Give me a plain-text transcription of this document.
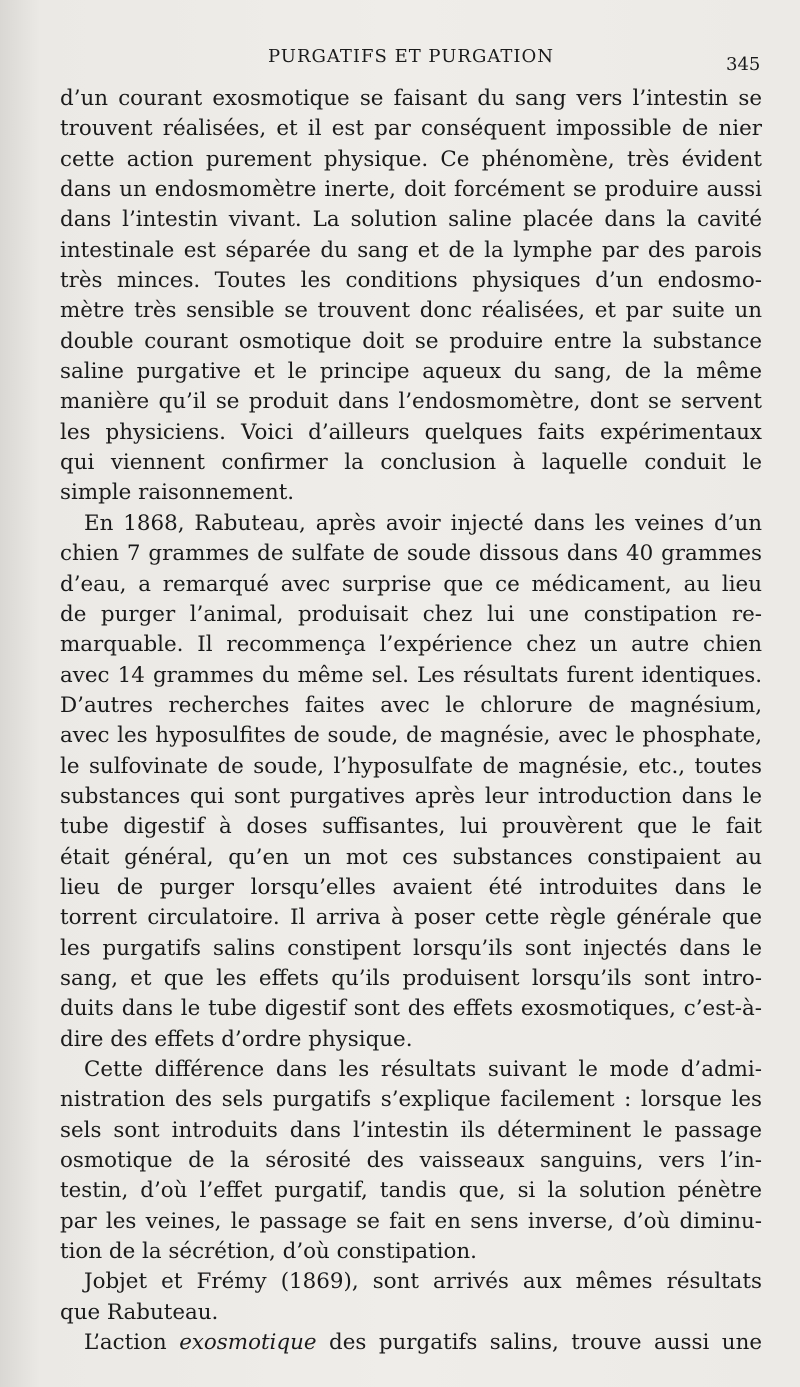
PURGATIFS ET PURGATION	345
d’un courant exosmotique se faisant du sang vers l’intestin se
trouvent réalisées, et il est par conséquent impossible de nier
cette action purement physique. Ce phénomène, très évident
dans un endosmomètre inerte, doit forcément se produire aussi
dans l’intestin vivant. La solution saline placée dans la cavité
intestinale est séparée du sang et de la lymphe par des parois
très minces. Toutes les conditions physiques d’un endosmo-
mètre très sensible se trouvent donc réalisées, et par suite un
double courant osmotique doit se produire entre la substance
saline purgative et le principe aqueux du sang, de la même
manière qu’il se produit dans l’endosmomètre, dont se servent
les physiciens. Voici d’ailleurs quelques faits expérimentaux
qui viennent confirmer la conclusion à laquelle conduit le
simple raisonnement.
En 1868, Rabuteau, après avoir injecté dans les veines d’un
chien 7 grammes de sulfate de soude dissous dans 40 grammes
d’eau, a remarqué avec surprise que ce médicament, au lieu
de purger l’animal, produisait chez lui une constipation re-
marquable. Il recommença l’expérience chez un autre chien
avec 14 grammes du même sel. Les résultats furent identiques.
D’autres recherches faites avec le chlorure de magnésium,
avec les hyposulfites de soude, de magnésie, avec le phosphate,
le sulfovinate de soude, l’hyposulfate de magnésie, etc., toutes
substances qui sont purgatives après leur introduction dans le
tube digestif à doses suffisantes, lui prouvèrent que le fait
était général, qu’en un mot ces substances constipaient au
lieu de purger lorsqu’elles avaient été introduites dans le
torrent circulatoire. Il arriva à poser cette règle générale que
les purgatifs salins constipent lorsqu’ils sont injectés dans le
sang, et que les effets qu’ils produisent lorsqu’ils sont intro-
duits dans le tube digestif sont des effets exosmotiques, c’est-à-
dire des effets d’ordre physique.
Cette différence dans les résultats suivant le mode d’admi-
nistration des sels purgatifs s’explique facilement : lorsque les
sels sont introduits dans l’intestin ils déterminent le passage
osmotique de la sérosité des vaisseaux sanguins, vers l’in-
testin, d’où l’effet purgatif, tandis que, si la solution pénètre
par les veines, le passage se fait en sens inverse, d’où diminu-
tion de la sécrétion, d’où constipation.
Jobjet et Frémy (1869), sont arrivés aux mêmes résultats
que Rabuteau.
L’action exosmotique des purgatifs salins, trouve aussi une
